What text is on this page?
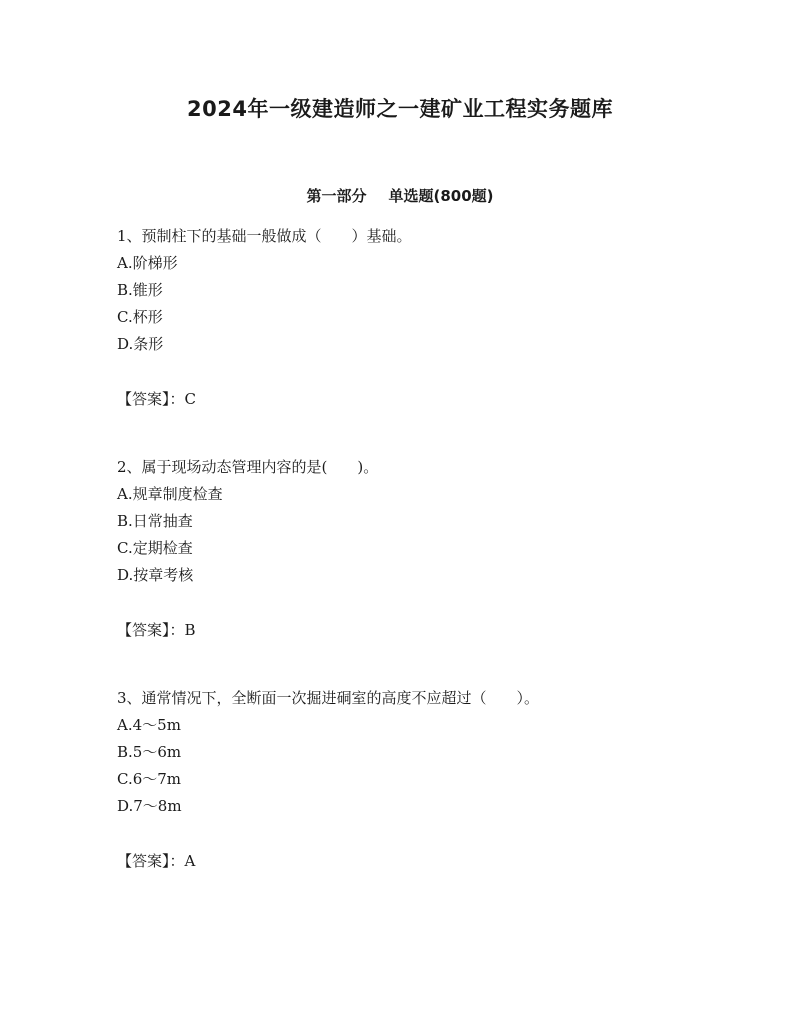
2024年一级建造师之一建矿业工程实务题库
第一部分 单选题(800题)
1、预制柱下的基础一般做成（　　）基础。
A.阶梯形
B.锥形
C.杯形
D.条形
【答案】：C
2、属于现场动态管理内容的是(　　)。
A.规章制度检查
B.日常抽查
C.定期检查
D.按章考核
【答案】：B
3、通常情况下，全断面一次掘进硐室的高度不应超过（　　）。
A.4～5m
B.5～6m
C.6～7m
D.7～8m
【答案】：A
